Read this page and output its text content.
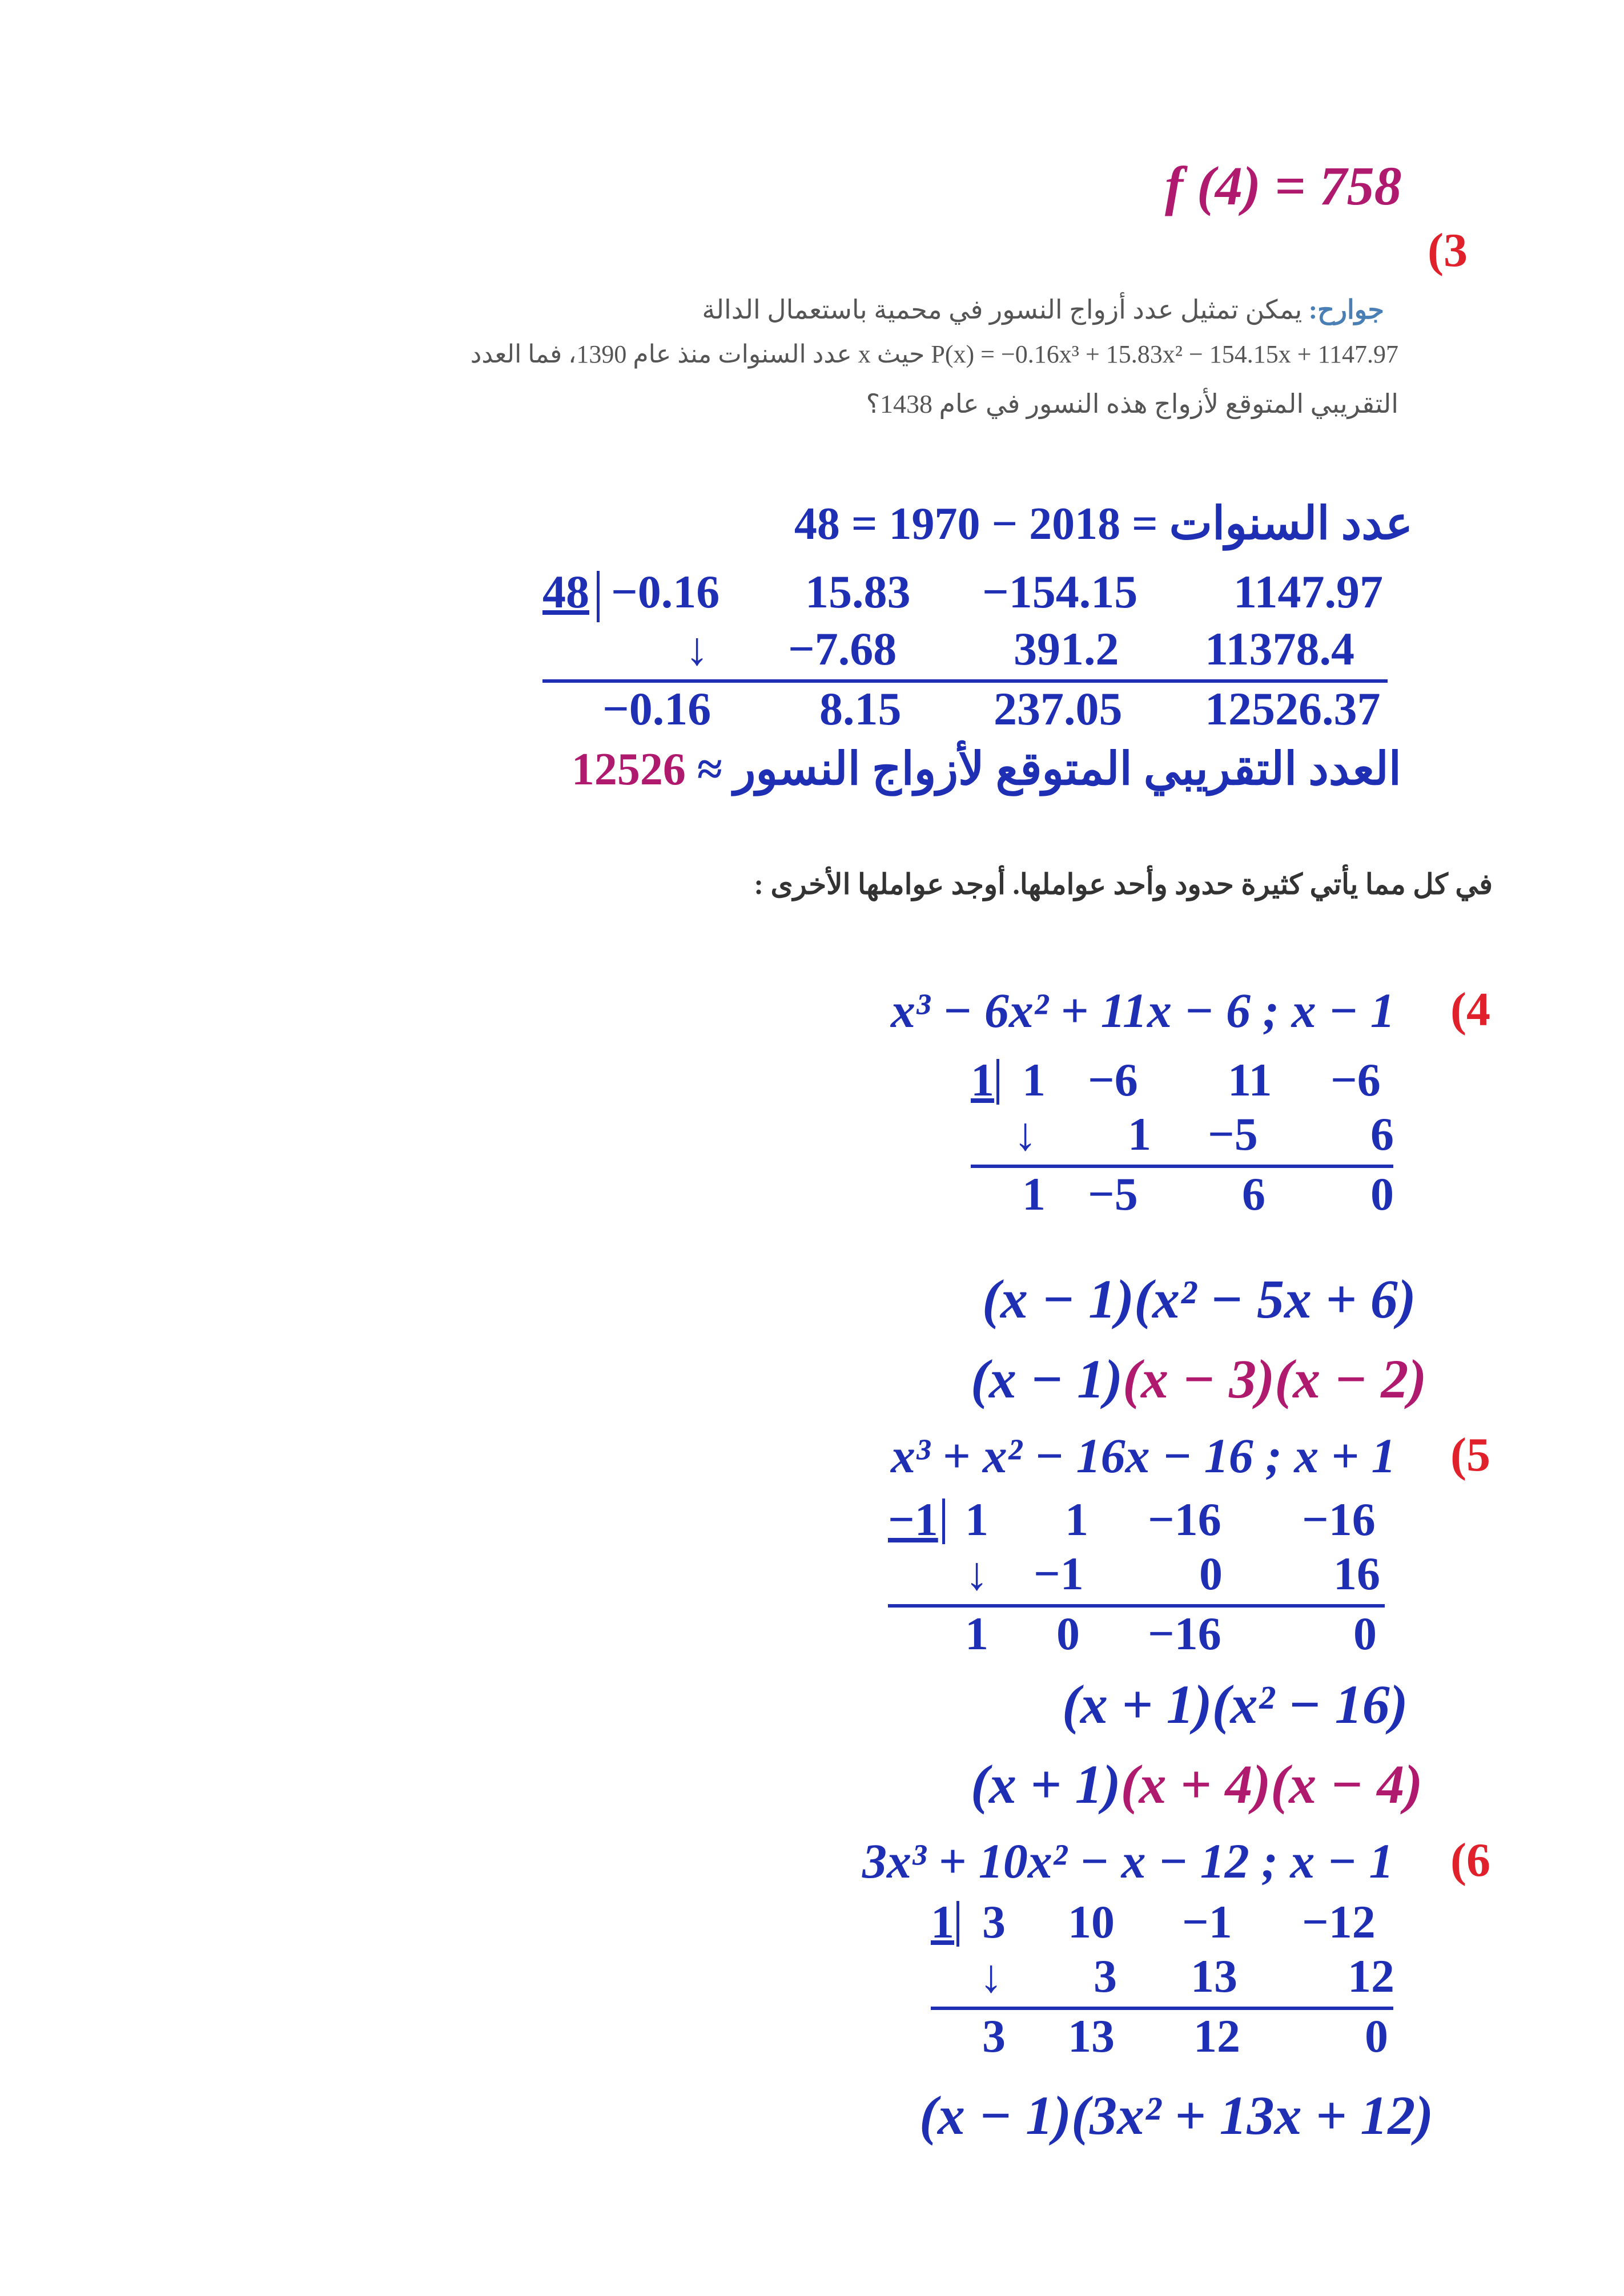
f (4) = 758
(3
جوارح: يمكن تمثيل عدد أزواج النسور في محمية باستعمال الدالة
P(x) = −0.16x³ + 15.83x² − 154.15x + 1147.97 حيث x عدد السنوات منذ عام 1390، فما العدد
التقريبي المتوقع لأزواج هذه النسور في عام 1438؟
عدد السنوات = 2018 − 1970 = 48
48 −0.16 15.83 −154.15 1147.97
↓ −7.68 391.2 11378.4
−0.16 8.15 237.05 12526.37
العدد التقريبي المتوقع لأزواج النسور ≈ 12526
في كل مما يأتي كثيرة حدود وأحد عواملها. أوجد عواملها الأخرى :
(4
x³ − 6x² + 11x − 6 ; x − 1
1 1 −6 11 −6
↓ 1 −5 6
1 −5 6 0
(x − 1)(x² − 5x + 6)
(x − 1)(x − 3)(x − 2)
(5
x³ + x² − 16x − 16 ; x + 1
−1 1 1 −16 −16
↓ −1 0 16
1 0 −16	0
(x + 1)(x² − 16)
(x + 1)(x + 4)(x − 4)
(6
3x³ + 10x² − x − 12 ; x − 1
1 3 10 −1 −12
↓ 3 13 12
3 13 12	0
(x − 1)(3x² + 13x + 12)
